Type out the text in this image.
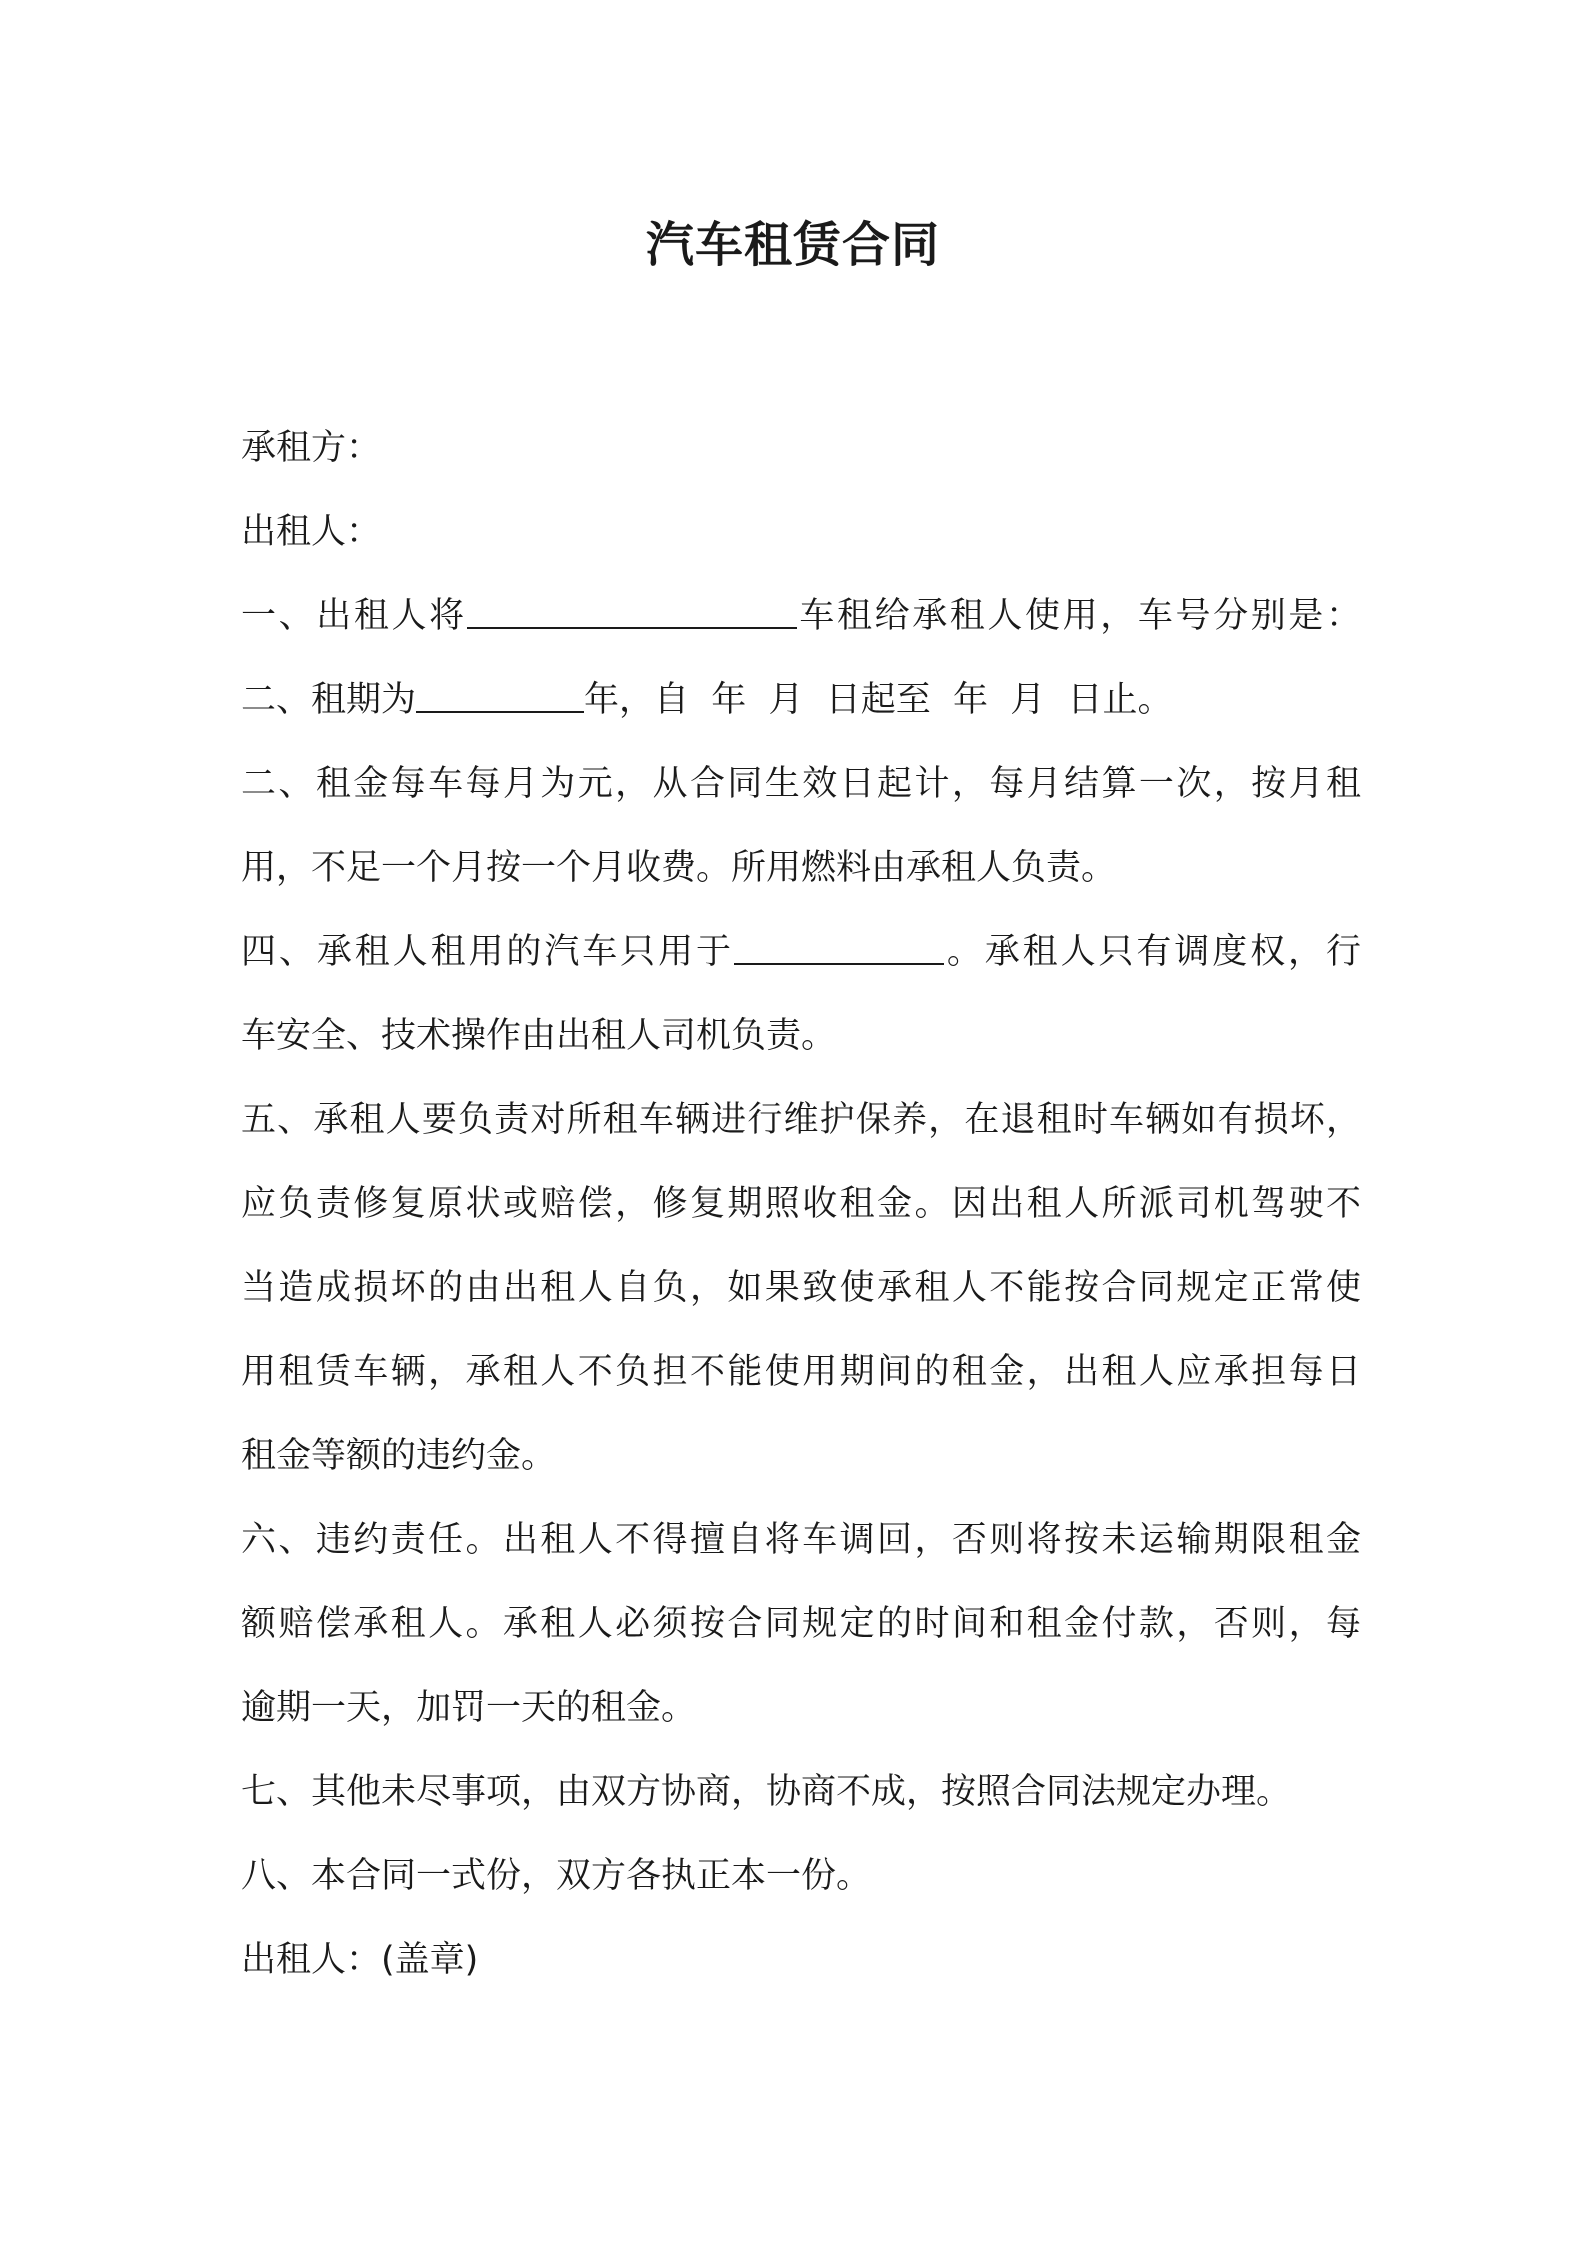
汽车租赁合同
承租方：
出租人：
一、出租人将	车租给承租人使用，车号分别是：
二、租期为	年，自  年  月  日起至  年  月  日止。
二、租金每车每月为元，从合同生效日起计，每月结算一次，按月租
用，不足一个月按一个月收费。所用燃料由承租人负责。
四、承租人租用的汽车只用于	。承租人只有调度权，行
车安全、技术操作由出租人司机负责。
五、承租人要负责对所租车辆进行维护保养，在退租时车辆如有损坏，
应负责修复原状或赔偿，修复期照收租金。因出租人所派司机驾驶不
当造成损坏的由出租人自负，如果致使承租人不能按合同规定正常使
用租赁车辆，承租人不负担不能使用期间的租金，出租人应承担每日
租金等额的违约金。
六、违约责任。出租人不得擅自将车调回，否则将按未运输期限租金
额赔偿承租人。承租人必须按合同规定的时间和租金付款，否则，每
逾期一天，加罚一天的租金。
七、其他未尽事项，由双方协商，协商不成，按照合同法规定办理。
八、本合同一式份，双方各执正本一份。
出租人：(盖章)
